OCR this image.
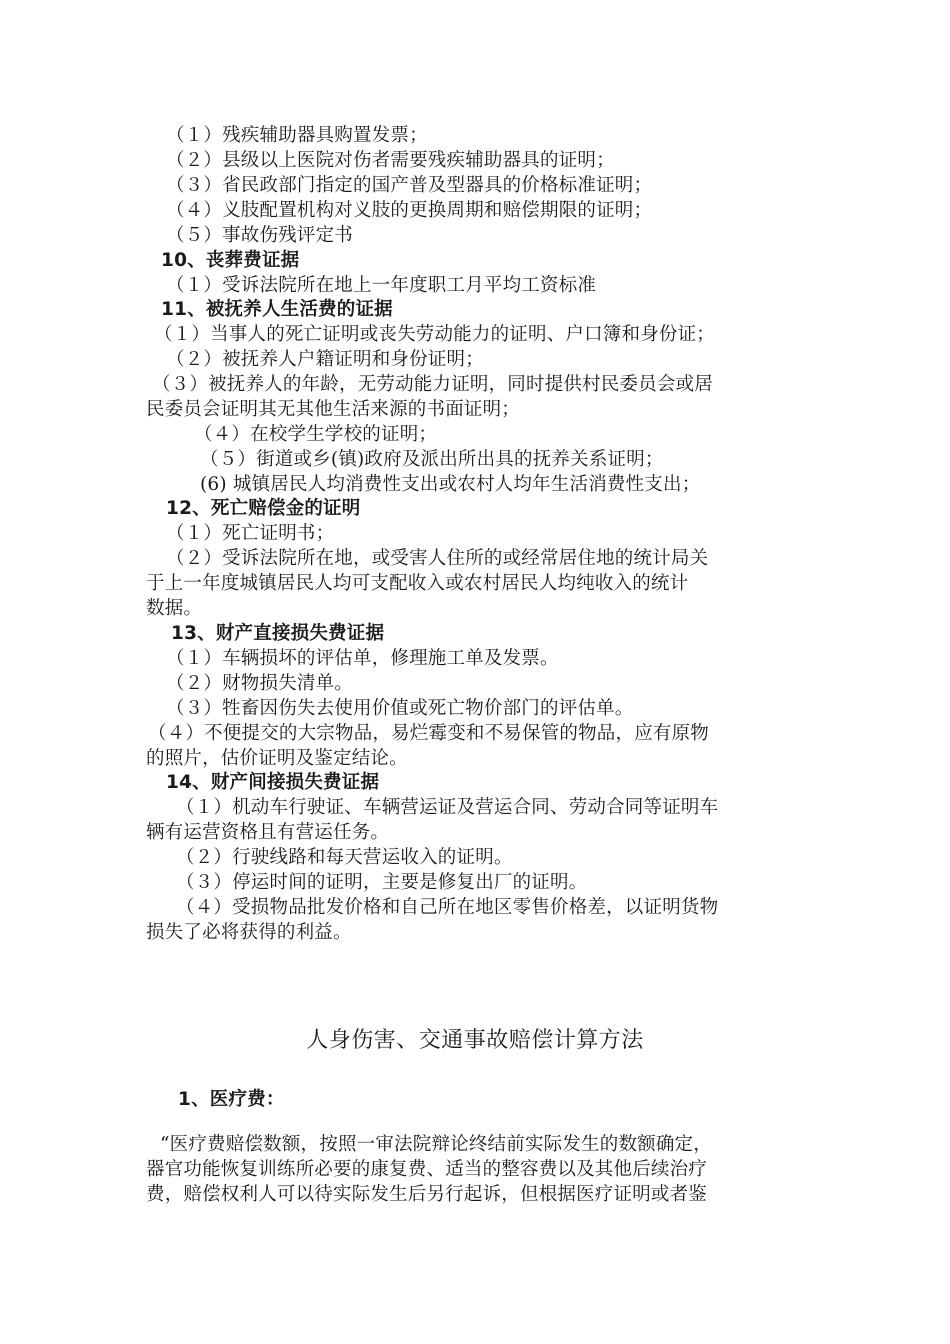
（１）残疾辅助器具购置发票；
（２）县级以上医院对伤者需要残疾辅助器具的证明；
（３）省民政部门指定的国产普及型器具的价格标准证明；
（４）义肢配置机构对义肢的更换周期和赔偿期限的证明；
（５）事故伤残评定书
10、丧葬费证据
（１）受诉法院所在地上一年度职工月平均工资标准
11、被抚养人生活费的证据
（１）当事人的死亡证明或丧失劳动能力的证明、户口簿和身份证；
（２）被抚养人户籍证明和身份证明；
（３）被抚养人的年龄，无劳动能力证明，同时提供村民委员会或居
民委员会证明其无其他生活来源的书面证明；
（４）在校学生学校的证明；
（５）街道或乡(镇)政府及派出所出具的抚养关系证明；
(6) 城镇居民人均消费性支出或农村人均年生活消费性支出；
12、死亡赔偿金的证明
（１）死亡证明书；
（２）受诉法院所在地，或受害人住所的或经常居住地的统计局关
于上一年度城镇居民人均可支配收入或农村居民人均纯收入的统计
数据。
13、财产直接损失费证据
（１）车辆损坏的评估单，修理施工单及发票。
（２）财物损失清单。
（３）牲畜因伤失去使用价值或死亡物价部门的评估单。
（４）不便提交的大宗物品，易烂霉变和不易保管的物品，应有原物
的照片，估价证明及鉴定结论。
14、财产间接损失费证据
（１）机动车行驶证、车辆营运证及营运合同、劳动合同等证明车
辆有运营资格且有营运任务。
（２）行驶线路和每天营运收入的证明。
（３）停运时间的证明，主要是修复出厂的证明。
（４）受损物品批发价格和自己所在地区零售价格差，以证明货物
损失了必将获得的利益。
人身伤害、交通事故赔偿计算方法
1、医疗费：
“医疗费赔偿数额，按照一审法院辩论终结前实际发生的数额确定，
器官功能恢复训练所必要的康复费、适当的整容费以及其他后续治疗
费，赔偿权利人可以待实际发生后另行起诉，但根据医疗证明或者鉴
